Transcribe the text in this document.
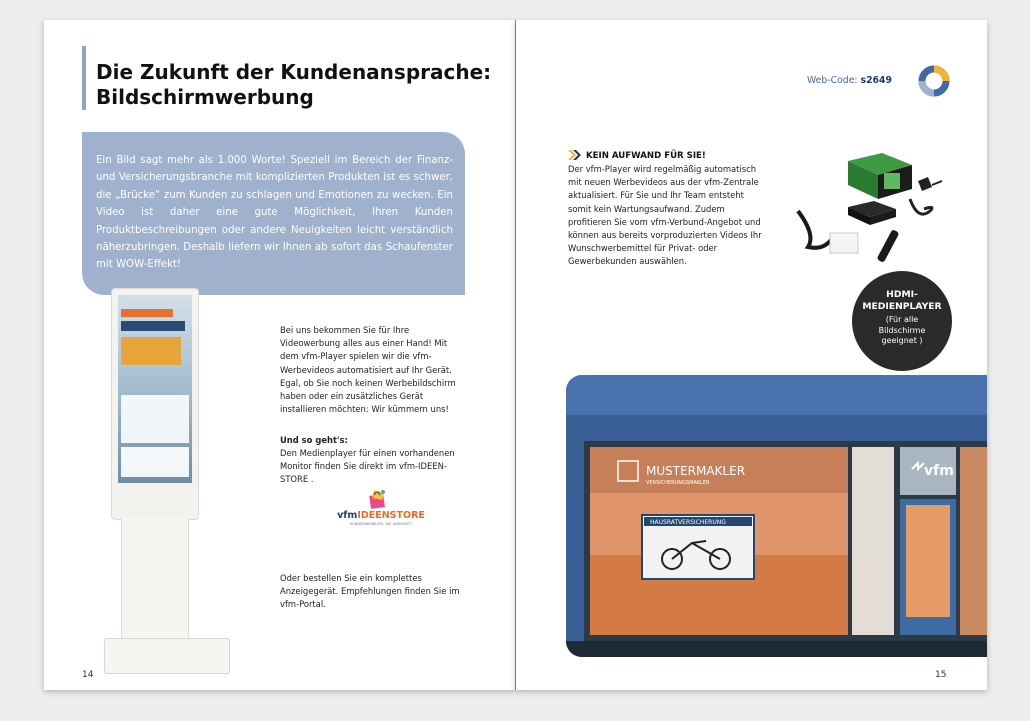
Die Zukunft der Kundenansprache: Bildschirmwerbung

Ein Bild sagt mehr als 1.000 Worte! Speziell im Bereich der Finanz- und Versicherungsbranche mit komplizierten Produkten ist es schwer, die „Brücke“ zum Kunden zu schlagen und Emotionen zu wecken. Ein Video ist daher eine gute Möglichkeit, Ihren Kunden Produktbeschreibungen oder andere Neuigkeiten leicht verständlich näherzubringen. Deshalb liefern wir Ihnen ab sofort das Schaufenster mit WOW-Effekt!

Bei uns bekommen Sie für Ihre Videowerbung alles aus einer Hand! Mit dem vfm-Player spielen wir die vfm-Werbevideos automatisiert auf Ihr Gerät. Egal, ob Sie noch keinen Werbebildschirm haben oder ein zusätzliches Gerät installieren möchten: Wir kümmern uns!

Und so geht's:

Den Medienplayer für einen vorhandenen Monitor finden Sie direkt im vfm-IDEEN-STORE .

vfmIDEENSTORE
KUNDENWERBUNG, DIE ANKOMMT!

Oder bestellen Sie ein komplettes Anzeigegerät. Empfehlungen finden Sie im vfm-Portal.

14
Web-Code: s2649
KEIN AUFWAND FÜR SIE!

Der vfm-Player wird regelmäßig automatisch mit neuen Werbevideos aus der vfm-Zentrale aktualisiert. Für Sie und Ihr Team entsteht somit kein Wartungsaufwand. Zudem profitieren Sie vom vfm-Verbund-Angebot und können aus bereits vorproduzierten Videos Ihr Wunschwerbemittel für Privat- oder Gewerbekunden auswählen.

HDMI-MEDIENPLAYER
(Für alle Bildschirme geeignet )
HAUSRATVERSICHERUNG
MUSTERMAKLER
VERSICHERUNGSMAKLER
vfm
15
